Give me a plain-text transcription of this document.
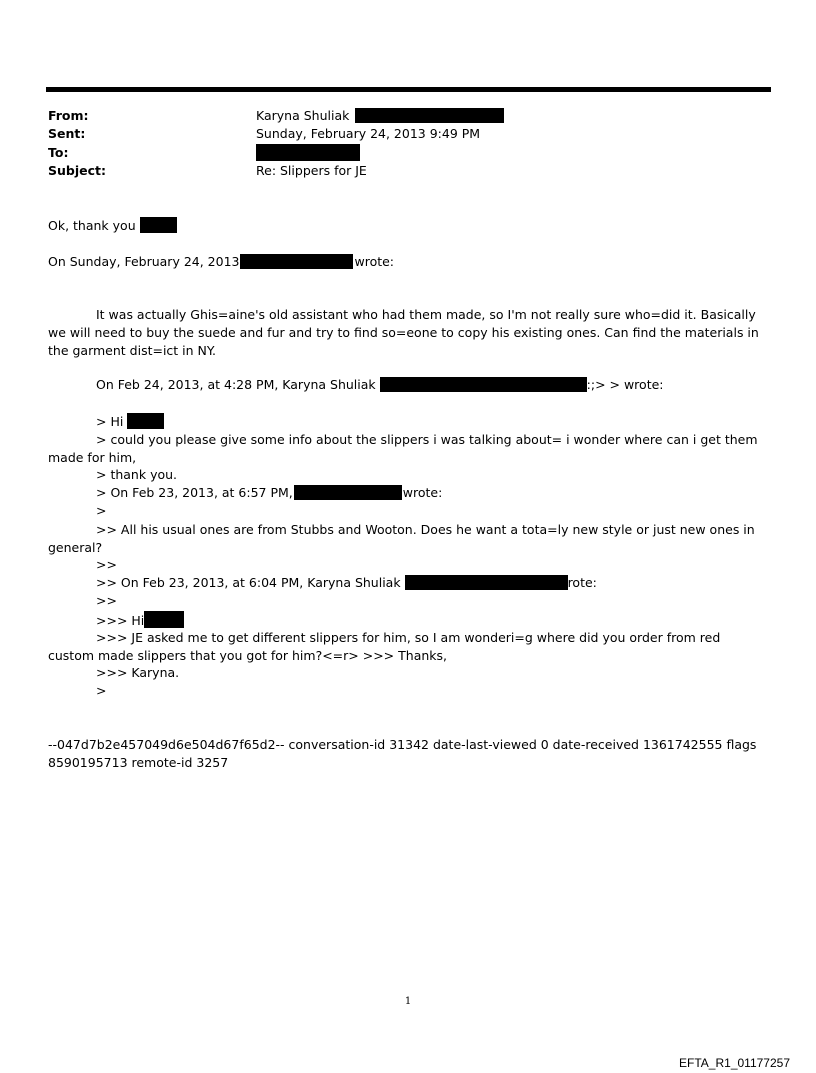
From:	Karyna Shuliak
Sent:	Sunday, February 24, 2013 9:49 PM
To:
Subject:	Re: Slippers for JE
Ok, thank you
On Sunday, February 24, 2013	wrote:
It was actually Ghis=aine's old assistant who had them made, so I'm not really sure who=did it. Basically we will need to buy the suede and fur and try to find so=eone to copy his existing ones. Can find the materials in the garment dist=ict in NY.
On Feb 24, 2013, at 4:28 PM, Karyna Shuliak	:;> > wrote:
> Hi
> could you please give some info about the slippers i was talking about= i wonder where can i get them made for him,
> thank you.
> On Feb 23, 2013, at 6:57 PM,	wrote:
>
>> All his usual ones are from Stubbs and Wooton. Does he want a tota=ly new style or just new ones in general?
>>
>> On Feb 23, 2013, at 6:04 PM, Karyna Shuliak	rote:
>>
>>> Hi
>>> JE asked me to get different slippers for him, so I am wonderi=g where did you order from red custom made slippers that you got for him?<=r> >>> Thanks,
>>> Karyna.
>
--047d7b2e457049d6e504d67f65d2-- conversation-id 31342 date-last-viewed 0 date-received 1361742555 flags 8590195713 remote-id 3257
1
EFTA_R1_01177257
